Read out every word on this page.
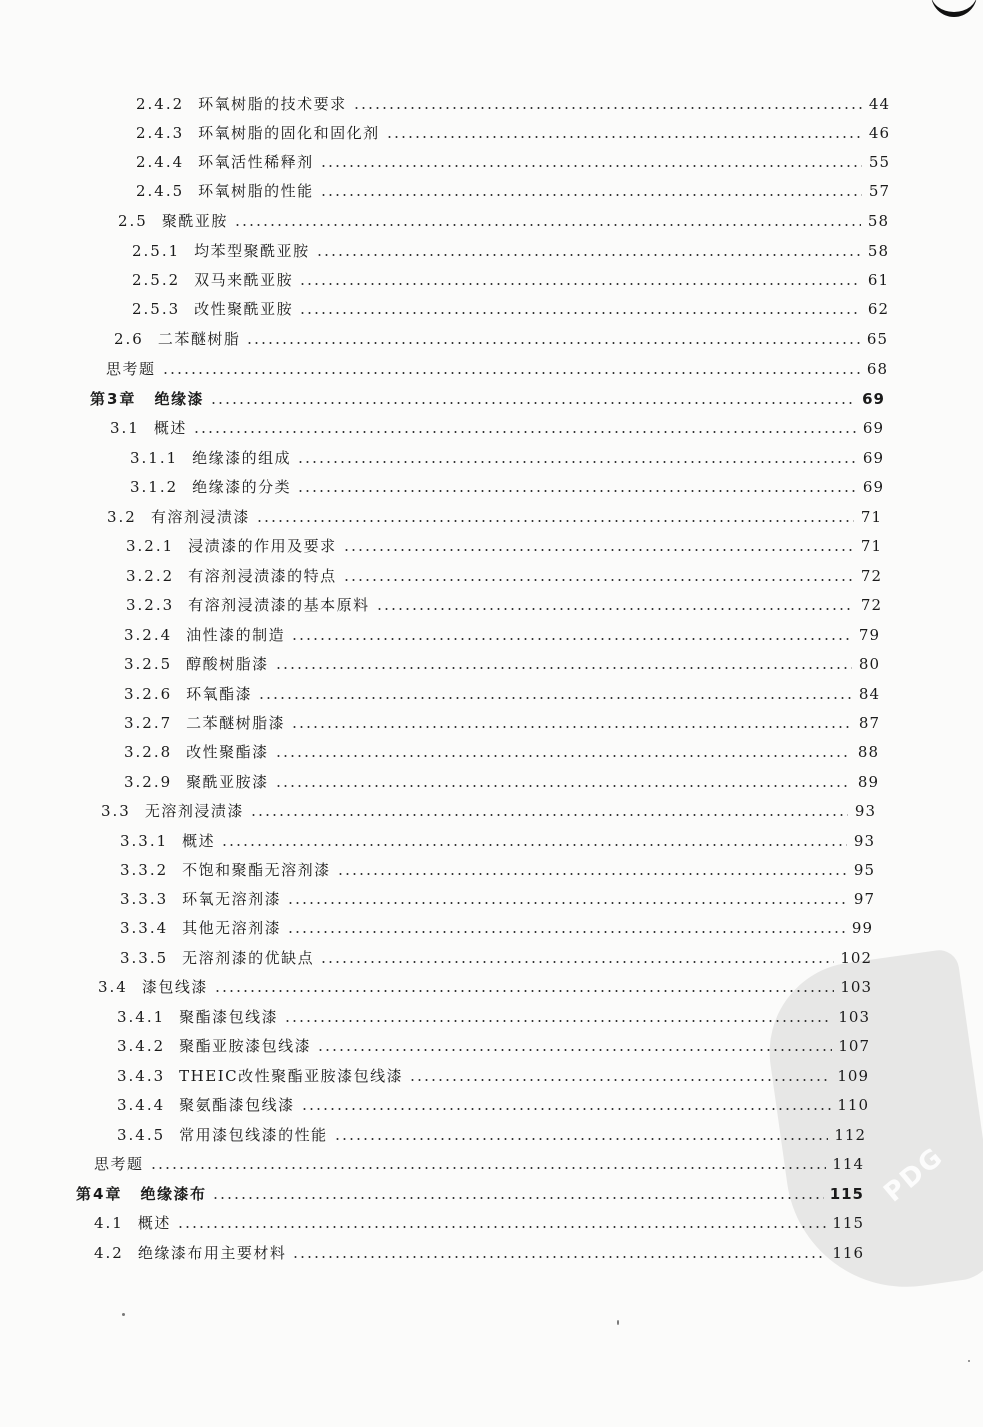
PDG
2.4.2 环氧树脂的技术要求	44
2.4.3 环氧树脂的固化和固化剂	46
2.4.4 环氧活性稀释剂	55
2.4.5 环氧树脂的性能	57
2.5 聚酰亚胺	58
2.5.1 均苯型聚酰亚胺	58
2.5.2 双马来酰亚胺	61
2.5.3 改性聚酰亚胺	62
2.6 二苯醚树脂	65
思考题	68
第3章 绝缘漆	69
3.1 概述	69
3.1.1 绝缘漆的组成	69
3.1.2 绝缘漆的分类	69
3.2 有溶剂浸渍漆	71
3.2.1 浸渍漆的作用及要求	71
3.2.2 有溶剂浸渍漆的特点	72
3.2.3 有溶剂浸渍漆的基本原料	72
3.2.4 油性漆的制造	79
3.2.5 醇酸树脂漆	80
3.2.6 环氧酯漆	84
3.2.7 二苯醚树脂漆	87
3.2.8 改性聚酯漆	88
3.2.9 聚酰亚胺漆	89
3.3 无溶剂浸渍漆	93
3.3.1 概述	93
3.3.2 不饱和聚酯无溶剂漆	95
3.3.3 环氧无溶剂漆	97
3.3.4 其他无溶剂漆	99
3.3.5 无溶剂漆的优缺点	102
3.4 漆包线漆	103
3.4.1 聚酯漆包线漆	103
3.4.2 聚酯亚胺漆包线漆	107
3.4.3 THEIC改性聚酯亚胺漆包线漆	109
3.4.4 聚氨酯漆包线漆	110
3.4.5 常用漆包线漆的性能	112
思考题	114
第4章 绝缘漆布	115
4.1 概述	115
4.2 绝缘漆布用主要材料	116
